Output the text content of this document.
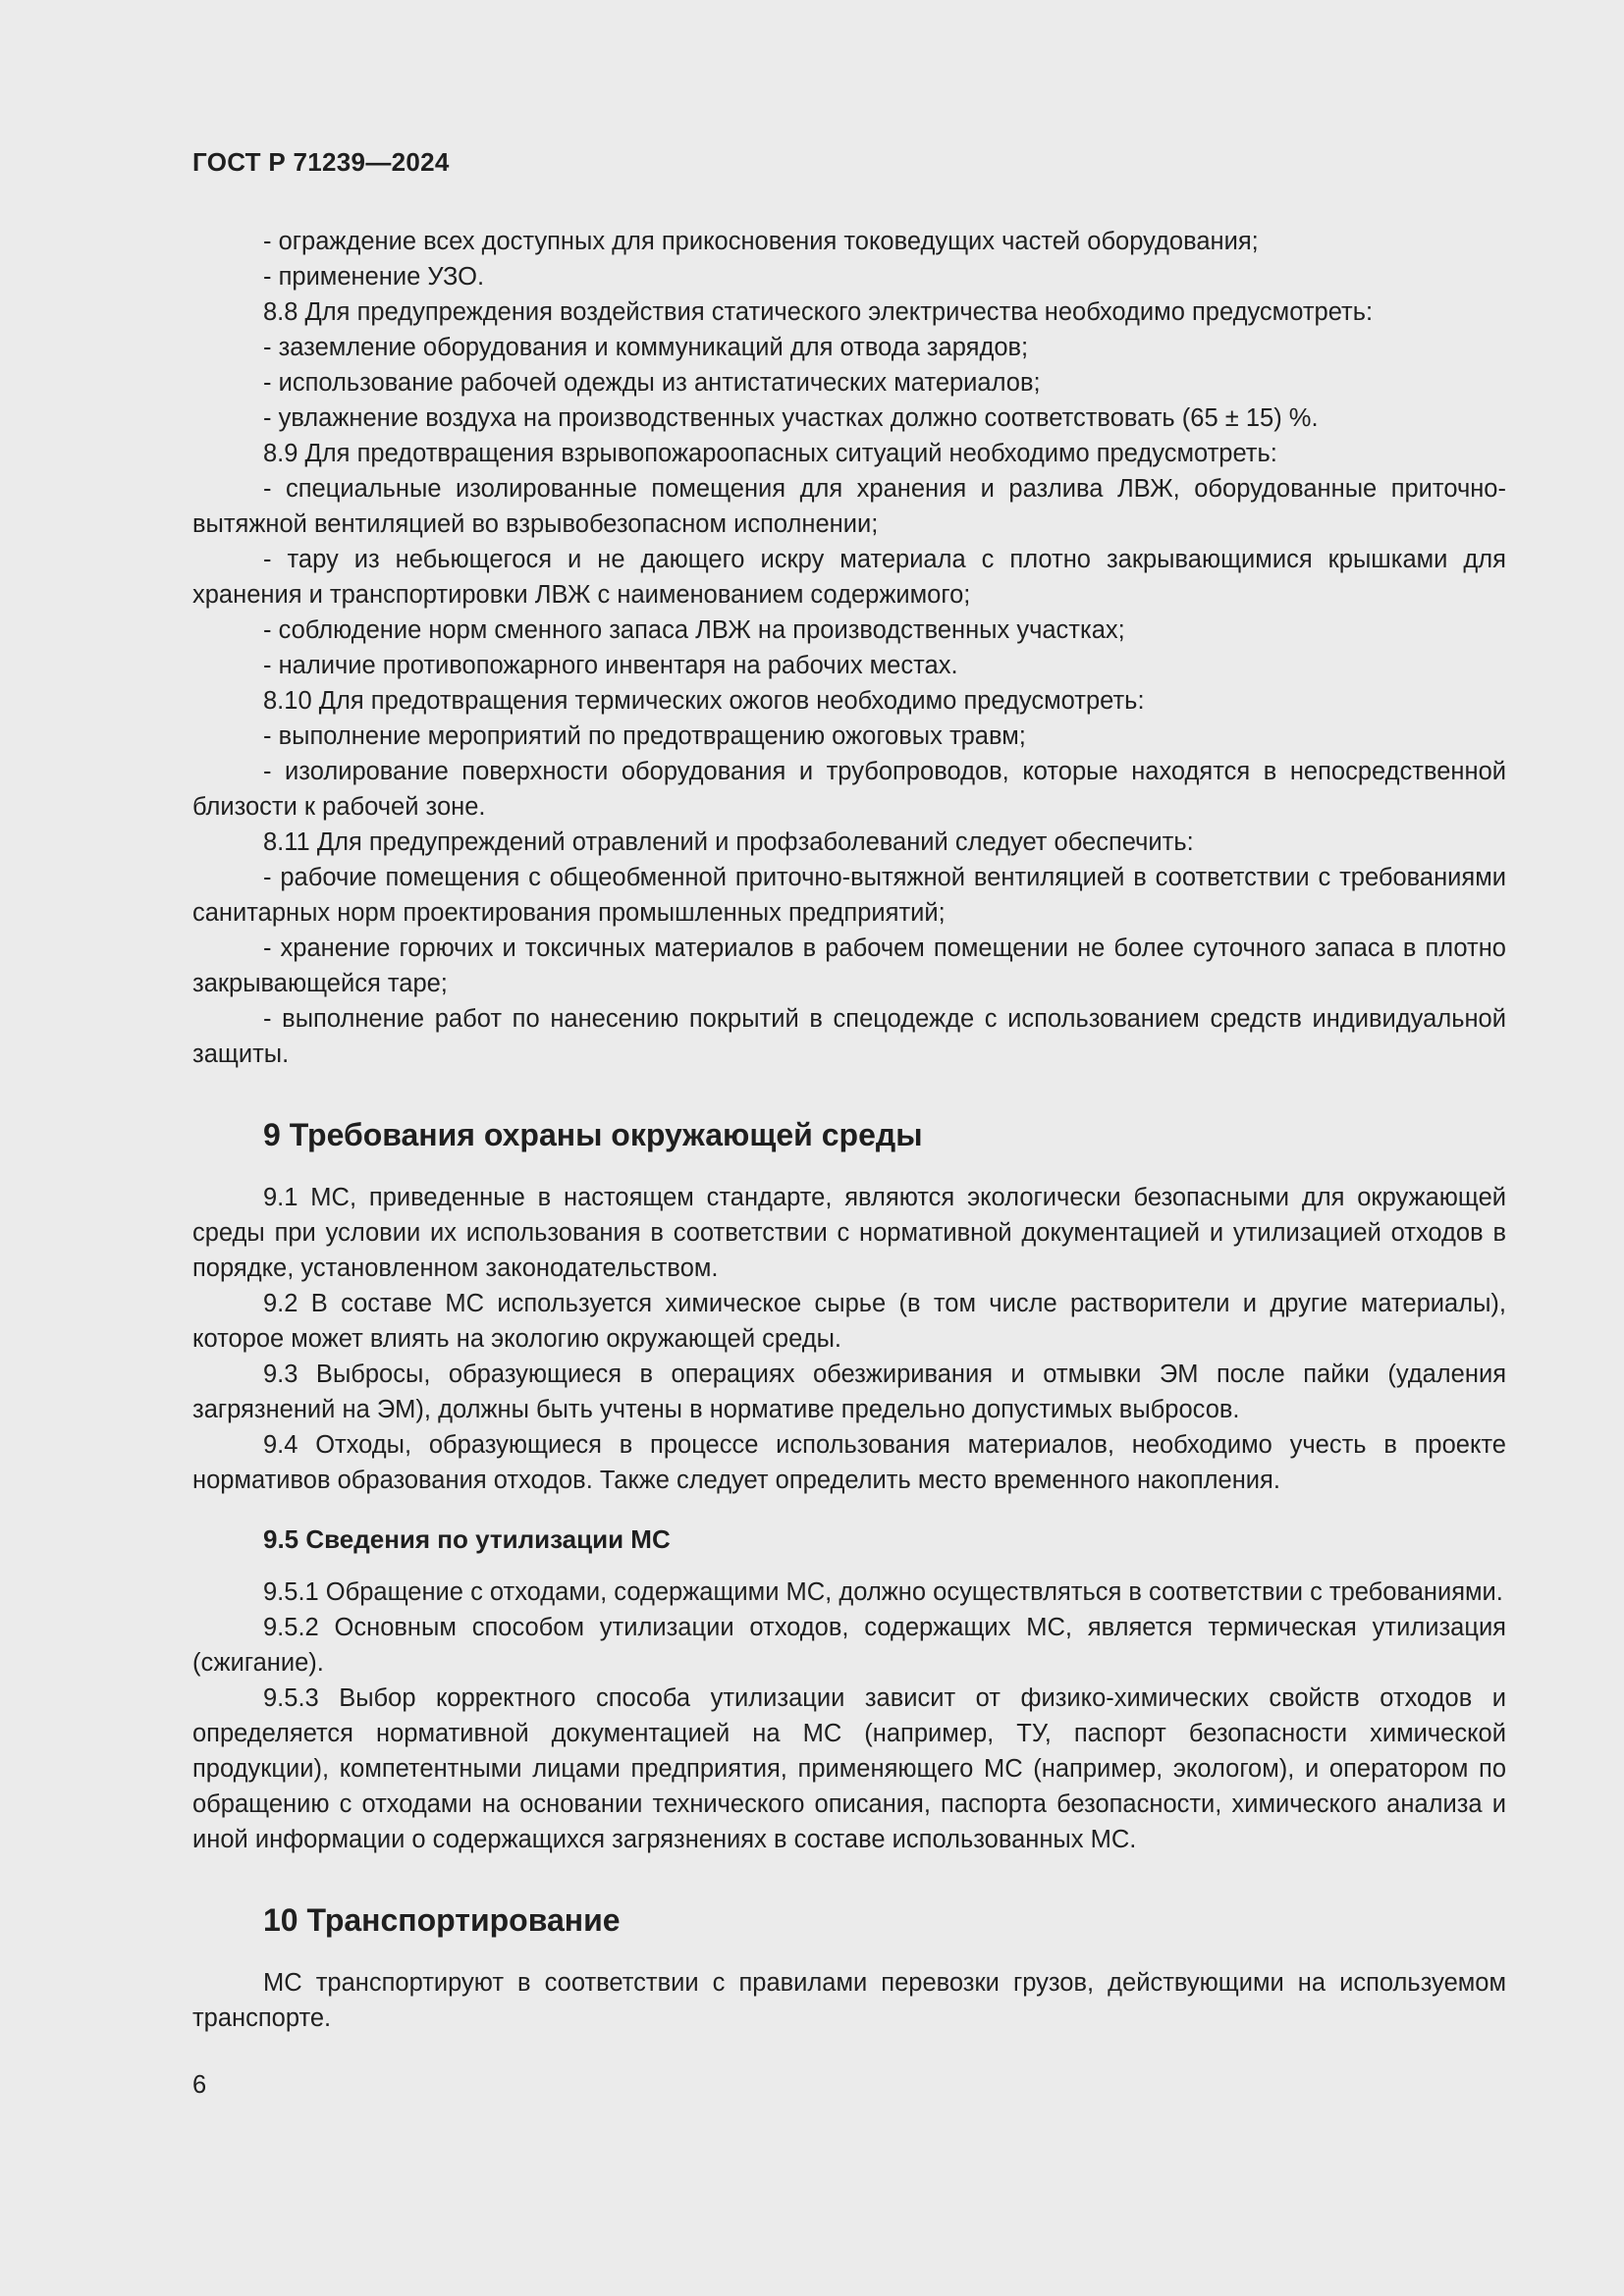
ГОСТ Р 71239—2024

- ограждение всех доступных для прикосновения токоведущих частей оборудования;

- применение УЗО.

8.8 Для предупреждения воздействия статического электричества необходимо предусмотреть:

- заземление оборудования и коммуникаций для отвода зарядов;

- использование рабочей одежды из антистатических материалов;

- увлажнение воздуха на производственных участках должно соответствовать (65 ± 15) %.

8.9 Для предотвращения взрывопожароопасных ситуаций необходимо предусмотреть:

- специальные изолированные помещения для хранения и разлива ЛВЖ, оборудованные приточно-вытяжной вентиляцией во взрывобезопасном исполнении;

- тару из небьющегося и не дающего искру материала с плотно закрывающимися крышками для хранения и транспортировки ЛВЖ с наименованием содержимого;

- соблюдение норм сменного запаса ЛВЖ на производственных участках;

- наличие противопожарного инвентаря на рабочих местах.

8.10 Для предотвращения термических ожогов необходимо предусмотреть:

- выполнение мероприятий по предотвращению ожоговых травм;

- изолирование поверхности оборудования и трубопроводов, которые находятся в непосредственной близости к рабочей зоне.

8.11 Для предупреждений отравлений и профзаболеваний следует обеспечить:

- рабочие помещения с общеобменной приточно-вытяжной вентиляцией в соответствии с требованиями санитарных норм проектирования промышленных предприятий;

- хранение горючих и токсичных материалов в рабочем помещении не более суточного запаса в плотно закрывающейся таре;

- выполнение работ по нанесению покрытий в спецодежде с использованием средств индивидуальной защиты.

9 Требования охраны окружающей среды

9.1 МС, приведенные в настоящем стандарте, являются экологически безопасными для окружающей среды при условии их использования в соответствии с нормативной документацией и утилизацией отходов в порядке, установленном законодательством.

9.2 В составе МС используется химическое сырье (в том числе растворители и другие материалы), которое может влиять на экологию окружающей среды.

9.3 Выбросы, образующиеся в операциях обезжиривания и отмывки ЭМ после пайки (удаления загрязнений на ЭМ), должны быть учтены в нормативе предельно допустимых выбросов.

9.4 Отходы, образующиеся в процессе использования материалов, необходимо учесть в проекте нормативов образования отходов. Также следует определить место временного накопления.

9.5 Сведения по утилизации МС

9.5.1 Обращение с отходами, содержащими МС, должно осуществляться в соответствии с требованиями.

9.5.2 Основным способом утилизации отходов, содержащих МС, является термическая утилизация (сжигание).

9.5.3 Выбор корректного способа утилизации зависит от физико-химических свойств отходов и определяется нормативной документацией на МС (например, ТУ, паспорт безопасности химической продукции), компетентными лицами предприятия, применяющего МС (например, экологом), и оператором по обращению с отходами на основании технического описания, паспорта безопасности, химического анализа и иной информации о содержащихся загрязнениях в составе использованных МС.

10 Транспортирование

МС транспортируют в соответствии с правилами перевозки грузов, действующими на используемом транспорте.

6
